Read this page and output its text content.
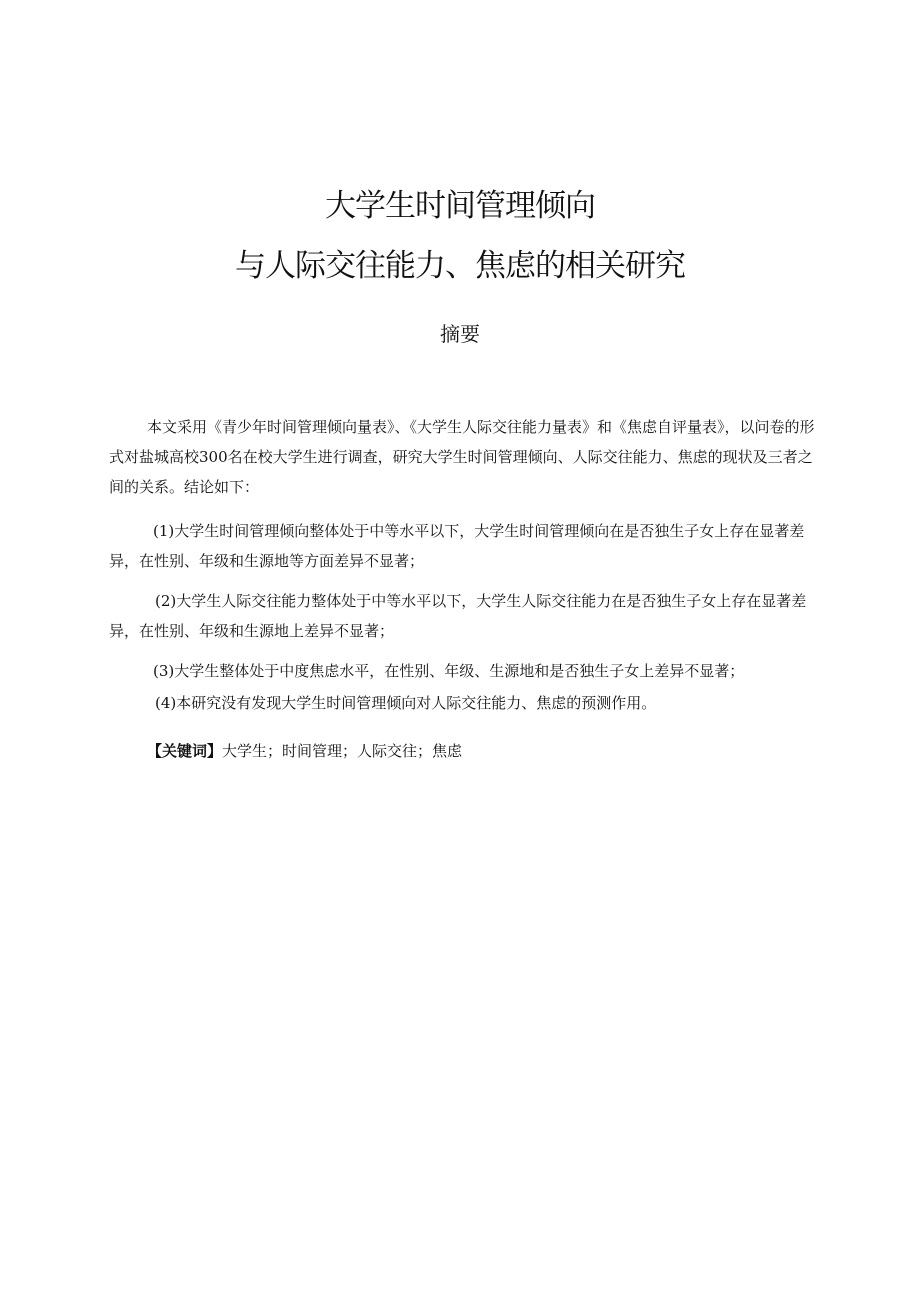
大学生时间管理倾向
与人际交往能力、焦虑的相关研究
摘要

本文采用《青少年时间管理倾向量表》、《大学生人际交往能力量表》和《焦虑自评量表》，以问卷的形式对盐城高校300名在校大学生进行调查，研究大学生时间管理倾向、人际交往能力、焦虑的现状及三者之间的关系。结论如下：

(1)大学生时间管理倾向整体处于中等水平以下，大学生时间管理倾向在是否独生子女上存在显著差异，在性别、年级和生源地等方面差异不显著；

(2)大学生人际交往能力整体处于中等水平以下，大学生人际交往能力在是否独生子女上存在显著差异，在性别、年级和生源地上差异不显著；

(3)大学生整体处于中度焦虑水平，在性别、年级、生源地和是否独生子女上差异不显著；

(4)本研究没有发现大学生时间管理倾向对人际交往能力、焦虑的预测作用。

【关键词】大学生；时间管理；人际交往；焦虑
